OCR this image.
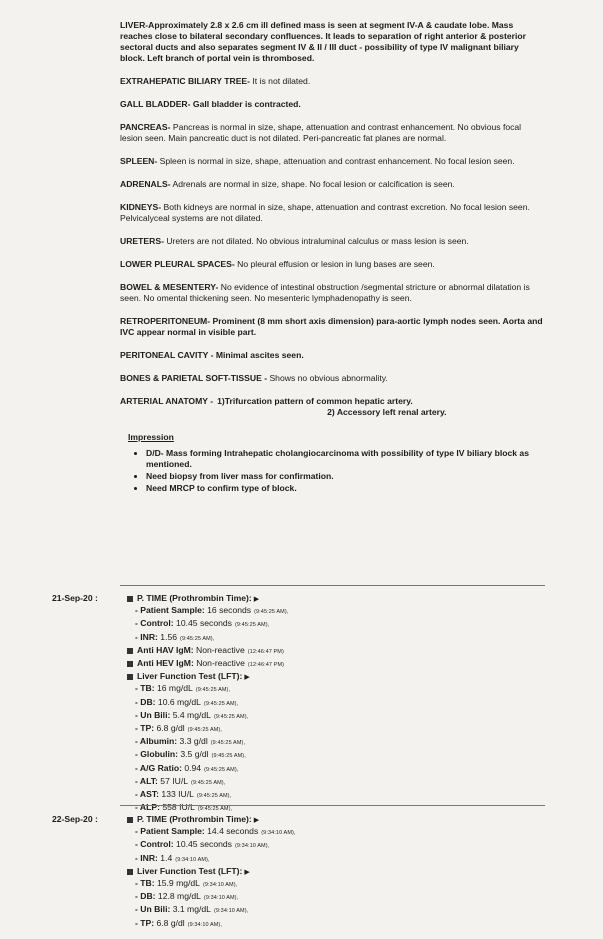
LIVER-Approximately 2.8 x 2.6 cm ill defined mass is seen at segment IV-A & caudate lobe. Mass reaches close to bilateral secondary confluences. It leads to separation of right anterior & posterior sectoral ducts and also separates segment IV & II / III duct - possibility of type IV malignant biliary block. Left branch of portal vein is thrombosed.
EXTRAHEPATIC BILIARY TREE- It is not dilated.
GALL BLADDER- Gall bladder is contracted.
PANCREAS- Pancreas is normal in size, shape, attenuation and contrast enhancement. No obvious focal lesion seen. Main pancreatic duct is not dilated. Peri-pancreatic fat planes are normal.
SPLEEN- Spleen is normal in size, shape, attenuation and contrast enhancement. No focal lesion seen.
ADRENALS- Adrenals are normal in size, shape. No focal lesion or calcification is seen.
KIDNEYS- Both kidneys are normal in size, shape, attenuation and contrast excretion. No focal lesion seen. Pelvicalyceal systems are not dilated.
URETERS- Ureters are not dilated. No obvious intraluminal calculus or mass lesion is seen.
LOWER PLEURAL SPACES- No pleural effusion or lesion in lung bases are seen.
BOWEL & MESENTERY- No evidence of intestinal obstruction /segmental stricture or abnormal dilatation is seen. No omental thickening seen. No mesenteric lymphadenopathy is seen.
RETROPERITONEUM- Prominent (8 mm short axis dimension) para-aortic lymph nodes seen. Aorta and IVC appear normal in visible part.
PERITONEAL CAVITY - Minimal ascites seen.
BONES & PARIETAL SOFT-TISSUE - Shows no obvious abnormality.
ARTERIAL ANATOMY - 1)Trifurcation pattern of common hepatic artery.
2) Accessory left renal artery.
Impression
• D/D- Mass forming Intrahepatic cholangiocarcinoma with possibility of type IV biliary block as mentioned.
• Need biopsy from liver mass for confirmation.
• Need MRCP to confirm type of block.
21-Sep-20 :	P. TIME (Prothrombin Time): ▶
- Patient Sample: 16 seconds (9:45:25 AM),
- Control: 10.45 seconds (9:45:25 AM),
- INR: 1.56 (9:45:25 AM),
Anti HAV IgM: Non-reactive (12:46:47 PM)
Anti HEV IgM: Non-reactive (12:46:47 PM)
Liver Function Test (LFT): ▶
- TB: 16 mg/dL (9:45:25 AM),
- DB: 10.6 mg/dL (9:45:25 AM),
- Un Bili: 5.4 mg/dL (9:45:25 AM),
- TP: 6.8 g/dl (9:45:25 AM),
- Albumin: 3.3 g/dl (9:45:25 AM),
- Globulin: 3.5 g/dl (9:45:25 AM),
- A/G Ratio: 0.94 (9:45:25 AM),
- ALT: 57 IU/L (9:45:25 AM),
- AST: 133 IU/L (9:45:25 AM),
- ALP: 558 IU/L (9:45:25 AM),
22-Sep-20 :	P. TIME (Prothrombin Time): ▶
- Patient Sample: 14.4 seconds (9:34:10 AM),
- Control: 10.45 seconds (9:34:10 AM),
- INR: 1.4 (9:34:10 AM),
Liver Function Test (LFT): ▶
- TB: 15.9 mg/dL (9:34:10 AM),
- DB: 12.8 mg/dL (9:34:10 AM),
- Un Bili: 3.1 mg/dL (9:34:10 AM),
- TP: 6.8 g/dl (9:34:10 AM),
